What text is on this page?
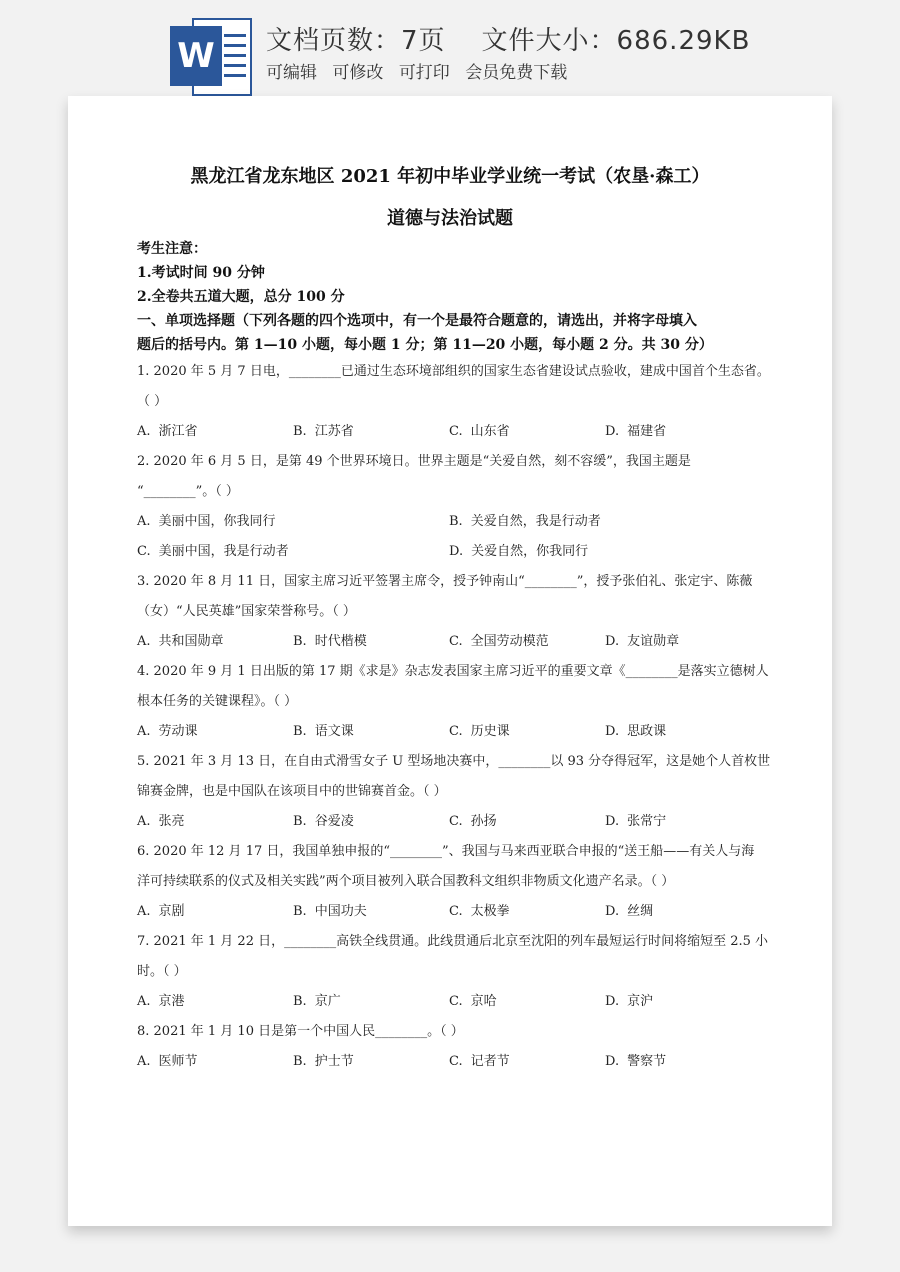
W 文档页数：7页 文件大小：686.29KB
可编辑 可修改 可打印 会员免费下载
黑龙江省龙东地区 2021 年初中毕业学业统一考试（农垦·森工）
道德与法治试题
考生注意：
1.考试时间 90 分钟
2.全卷共五道大题，总分 100 分
一、单项选择题（下列各题的四个选项中，有一个是最符合题意的，请选出，并将字母填入
题后的括号内。第 1—10 小题，每小题 1 分；第 11—20 小题，每小题 2 分。共 30 分）
1. 2020 年 5 月 7 日电，________已通过生态环境部组织的国家生态省建设试点验收，建成中国首个生态省。
（ ）
A. 浙江省	B. 江苏省	C. 山东省	D. 福建省
2. 2020 年 6 月 5 日，是第 49 个世界环境日。世界主题是“关爱自然，刻不容缓”，我国主题是
“________”。（ ）
A. 美丽中国，你我同行	B. 关爱自然，我是行动者
C. 美丽中国，我是行动者	D. 关爱自然，你我同行
3. 2020 年 8 月 11 日，国家主席习近平签署主席令，授予钟南山“________”，授予张伯礼、张定宇、陈薇
（女）“人民英雄”国家荣誉称号。（ ）
A. 共和国勋章	B. 时代楷模	C. 全国劳动模范	D. 友谊勋章
4. 2020 年 9 月 1 日出版的第 17 期《求是》杂志发表国家主席习近平的重要文章《________是落实立德树人
根本任务的关键课程》。（ ）
A. 劳动课	B. 语文课	C. 历史课	D. 思政课
5. 2021 年 3 月 13 日，在自由式滑雪女子 U 型场地决赛中，________以 93 分夺得冠军，这是她个人首枚世
锦赛金牌，也是中国队在该项目中的世锦赛首金。（ ）
A. 张亮	B. 谷爱凌	C. 孙扬	D. 张常宁
6. 2020 年 12 月 17 日，我国单独申报的“________”、我国与马来西亚联合申报的“送王船——有关人与海
洋可持续联系的仪式及相关实践”两个项目被列入联合国教科文组织非物质文化遗产名录。（ ）
A. 京剧	B. 中国功夫	C. 太极拳	D. 丝绸
7. 2021 年 1 月 22 日，________高铁全线贯通。此线贯通后北京至沈阳的列车最短运行时间将缩短至 2.5 小
时。（ ）
A. 京港	B. 京广	C. 京哈	D. 京沪
8. 2021 年 1 月 10 日是第一个中国人民________。（ ）
A. 医师节	B. 护士节	C. 记者节	D. 警察节
